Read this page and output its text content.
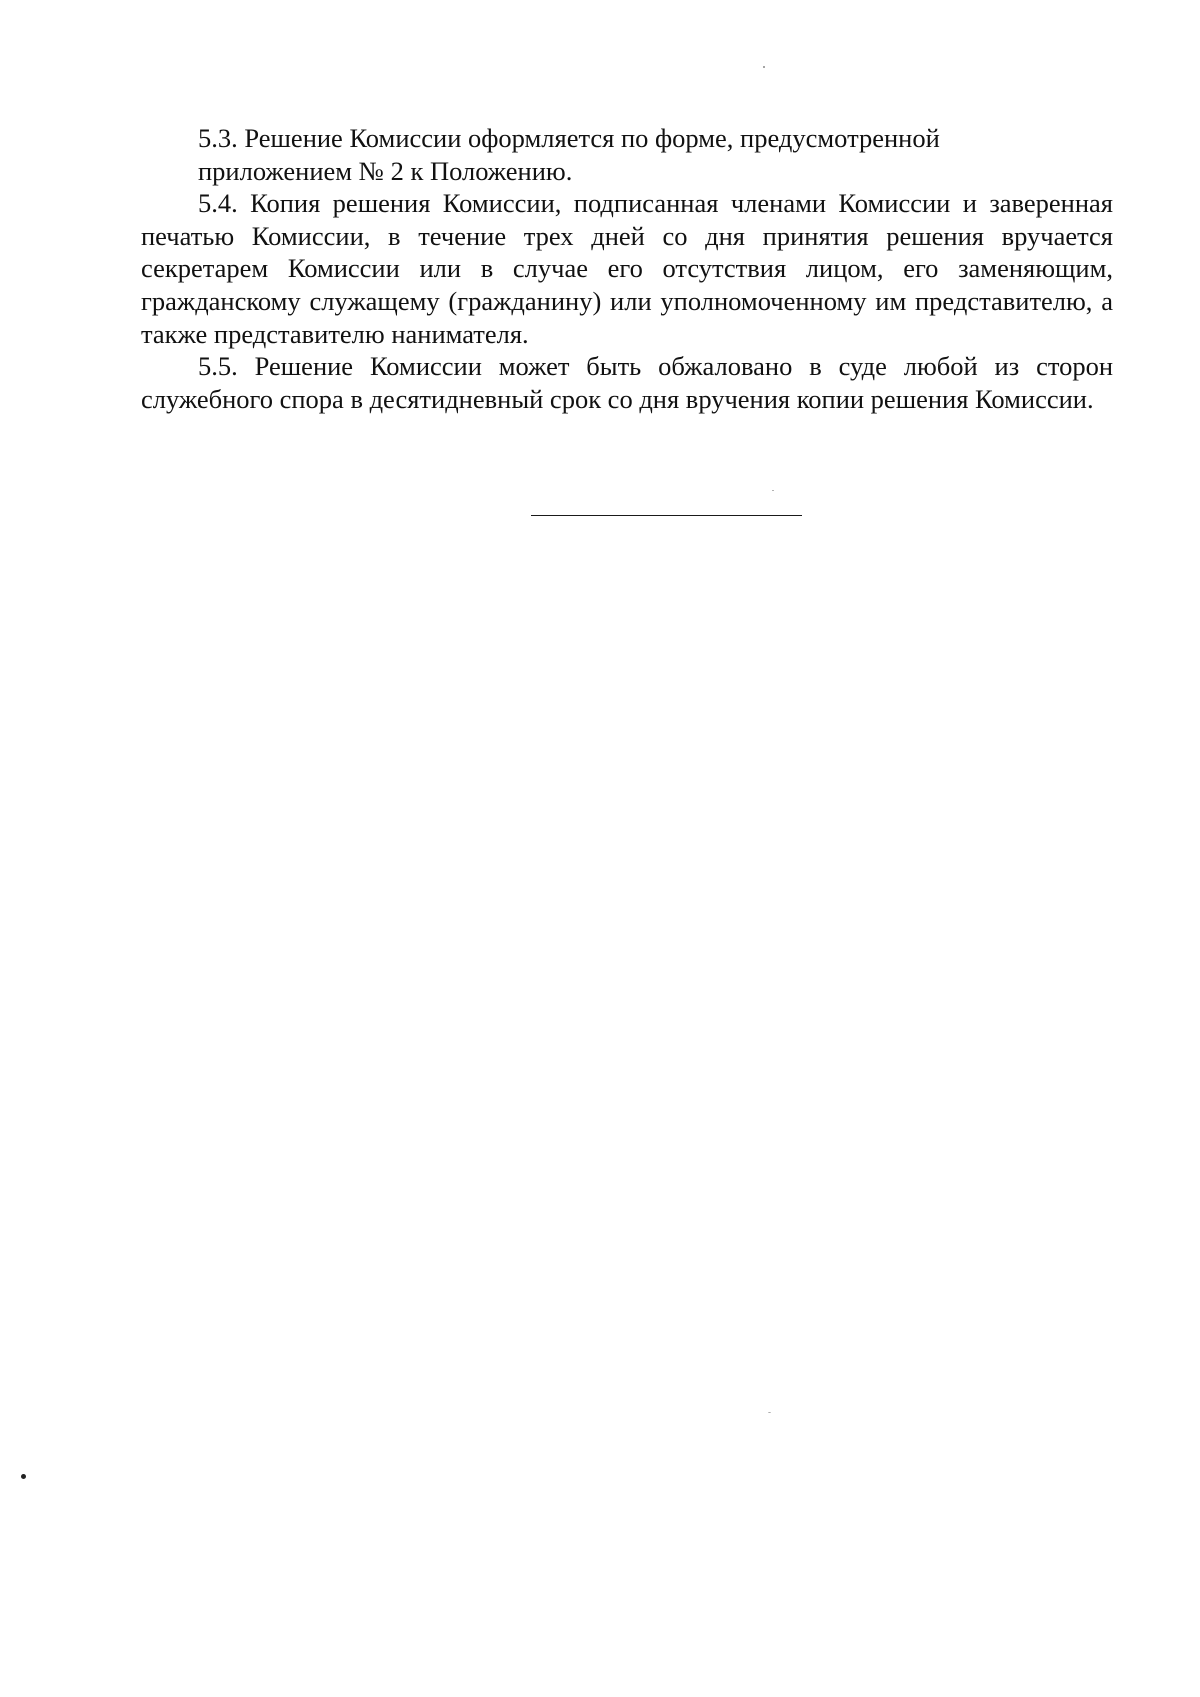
5.3. Решение Комиссии оформляется по форме, предусмотренной
приложением № 2 к Положению.

5.4. Копия решения Комиссии, подписанная членами Комиссии и заверенная печатью Комиссии, в течение трех дней со дня принятия решения вручается секретарем Комиссии или в случае его отсутствия лицом, его заменяющим, гражданскому служащему (гражданину) или уполномоченному им представителю, а также представителю нанимателя.

5.5. Решение Комиссии может быть обжаловано в суде любой из сторон служебного спора в десятидневный срок со дня вручения копии решения Комиссии.
